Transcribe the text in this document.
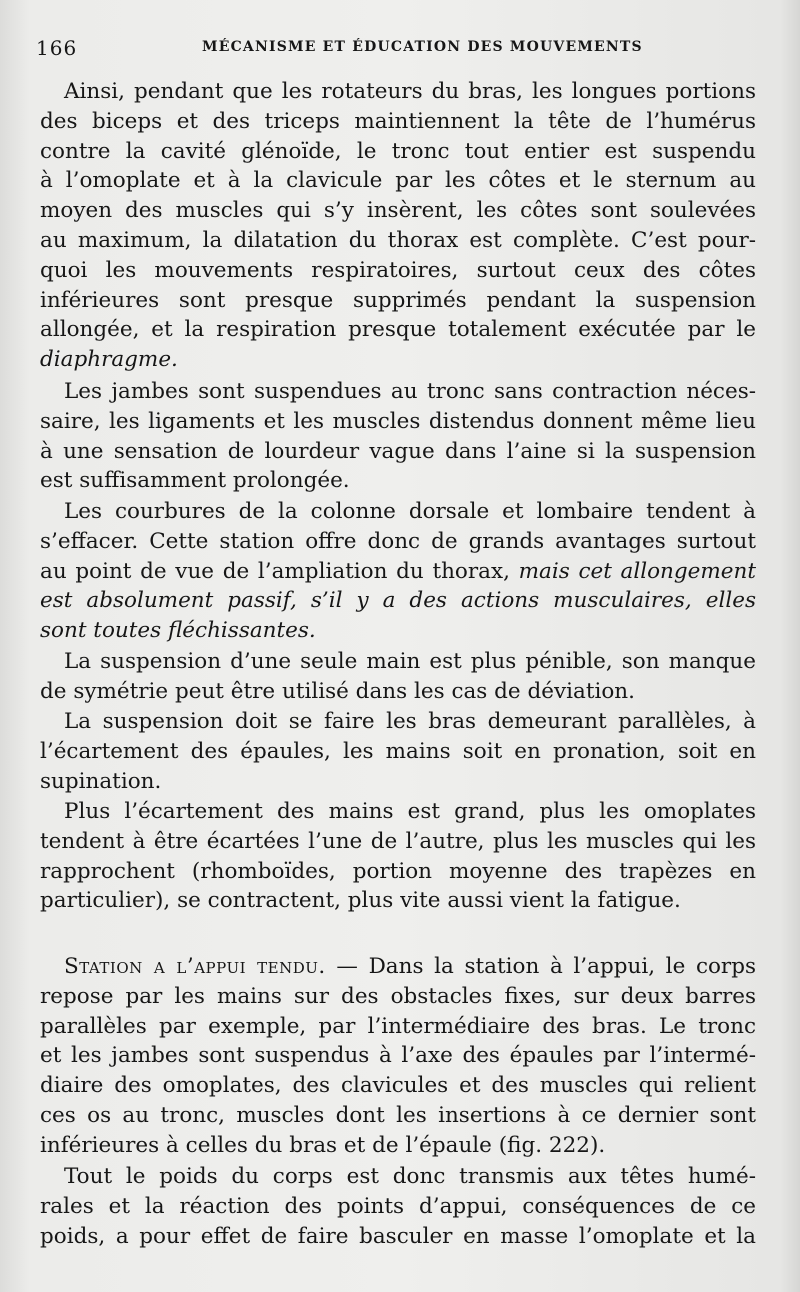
166	MÉCANISME ET ÉDUCATION DES MOUVEMENTS
Ainsi, pendant que les rotateurs du bras, les longues portions
des biceps et des triceps maintiennent la tête de l’humérus
contre la cavité glénoïde, le tronc tout entier est suspendu
à l’omoplate et à la clavicule par les côtes et le sternum au
moyen des muscles qui s’y insèrent, les côtes sont soulevées
au maximum, la dilatation du thorax est complète. C’est pour-
quoi les mouvements respiratoires, surtout ceux des côtes
inférieures sont presque supprimés pendant la suspension
allongée, et la respiration presque totalement exécutée par le
diaphragme.
Les jambes sont suspendues au tronc sans contraction néces-
saire, les ligaments et les muscles distendus donnent même lieu
à une sensation de lourdeur vague dans l’aine si la suspension
est suffisamment prolongée.
Les courbures de la colonne dorsale et lombaire tendent à
s’effacer. Cette station offre donc de grands avantages surtout
au point de vue de l’ampliation du thorax, mais cet allongement
est absolument passif, s’il y a des actions musculaires, elles
sont toutes fléchissantes.
La suspension d’une seule main est plus pénible, son manque
de symétrie peut être utilisé dans les cas de déviation.
La suspension doit se faire les bras demeurant parallèles, à
l’écartement des épaules, les mains soit en pronation, soit en
supination.
Plus l’écartement des mains est grand, plus les omoplates
tendent à être écartées l’une de l’autre, plus les muscles qui les
rapprochent (rhomboïdes, portion moyenne des trapèzes en
particulier), se contractent, plus vite aussi vient la fatigue.
Station a l’appui tendu. — Dans la station à l’appui, le corps
repose par les mains sur des obstacles fixes, sur deux barres
parallèles par exemple, par l’intermédiaire des bras. Le tronc
et les jambes sont suspendus à l’axe des épaules par l’intermé-
diaire des omoplates, des clavicules et des muscles qui relient
ces os au tronc, muscles dont les insertions à ce dernier sont
inférieures à celles du bras et de l’épaule (fig. 222).
Tout le poids du corps est donc transmis aux têtes humé-
rales et la réaction des points d’appui, conséquences de ce
poids, a pour effet de faire basculer en masse l’omoplate et la
